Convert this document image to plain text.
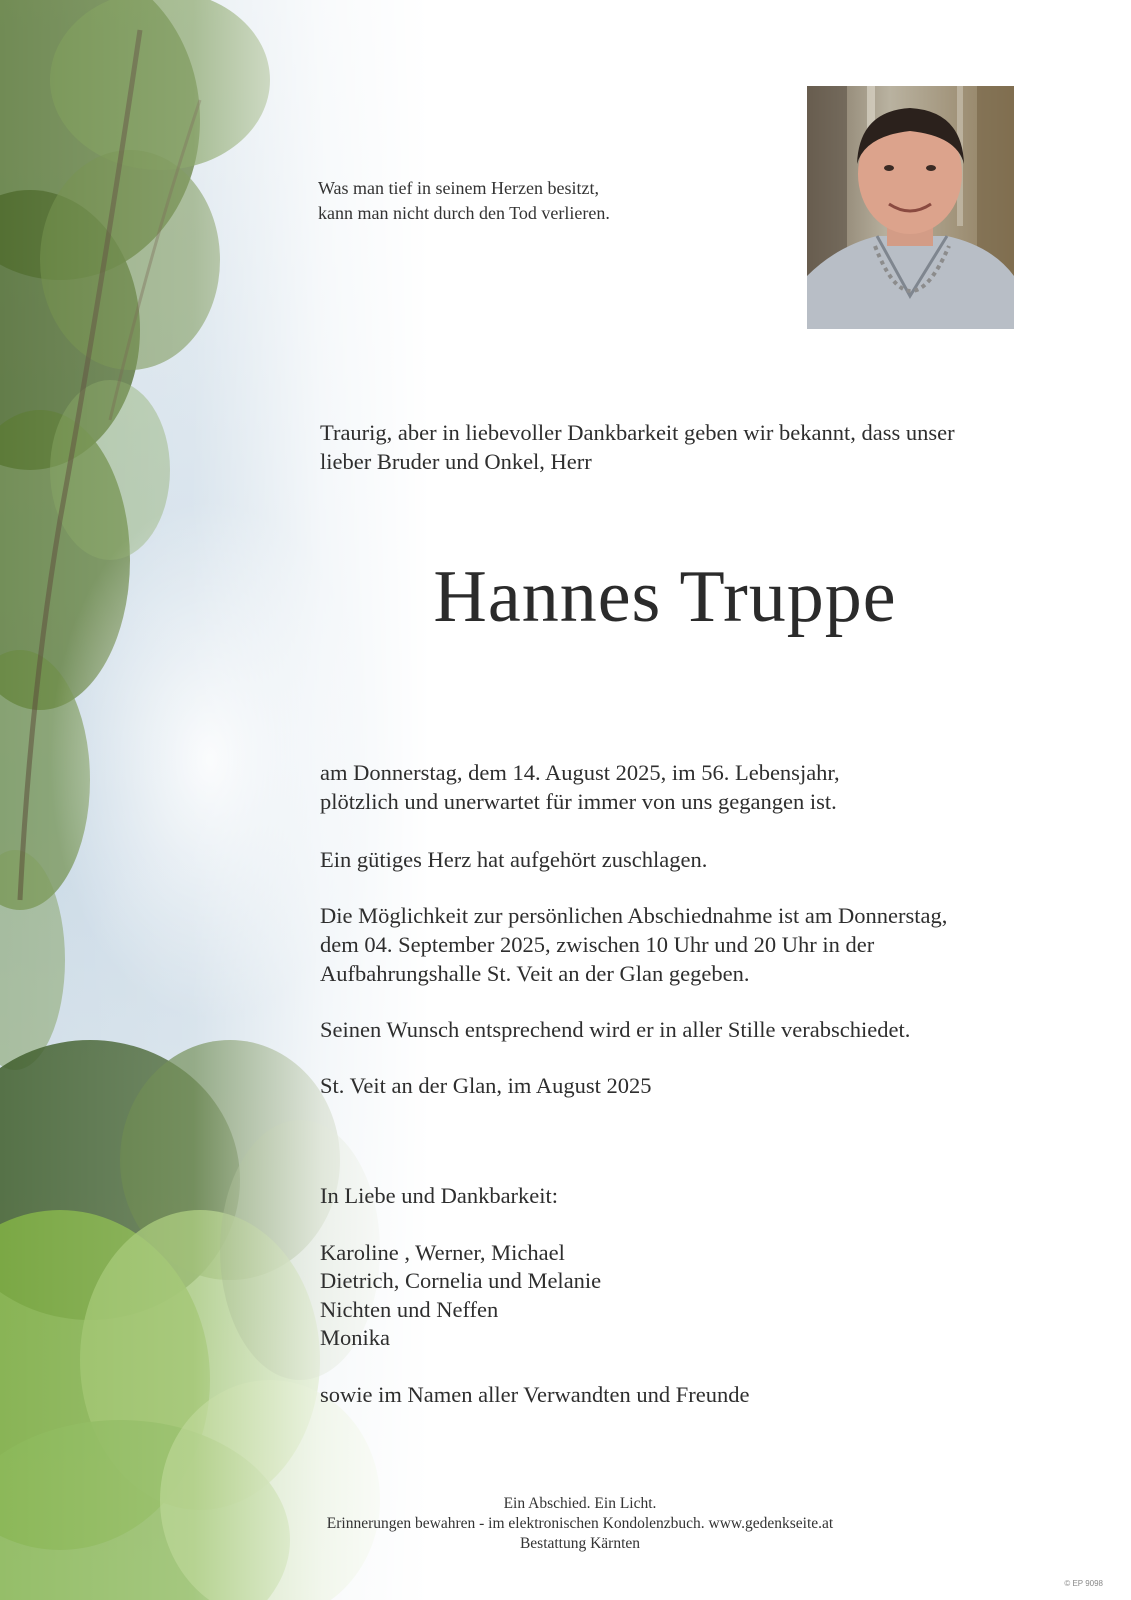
Was man tief in seinem Herzen besitzt,
kann man nicht durch den Tod verlieren.

Traurig, aber in liebevoller Dankbarkeit geben wir bekannt, dass unser
lieber Bruder und Onkel, Herr

Hannes Truppe

am Donnerstag, dem 14. August 2025, im 56. Lebensjahr,
plötzlich und unerwartet für immer von uns gegangen ist.

Ein gütiges Herz hat aufgehört zuschlagen.

Die Möglichkeit zur persönlichen Abschiednahme ist am Donnerstag,
dem 04. September 2025, zwischen 10 Uhr und 20 Uhr in der
Aufbahrungshalle St. Veit an der Glan gegeben.

Seinen Wunsch entsprechend wird er in aller Stille verabschiedet.

St. Veit an der Glan, im August 2025

In Liebe und Dankbarkeit:
Karoline , Werner, Michael
Dietrich, Cornelia und Melanie
Nichten und Neffen
Monika
sowie im Namen aller Verwandten und Freunde
Ein Abschied. Ein Licht.
Erinnerungen bewahren - im elektronischen Kondolenzbuch. www.gedenkseite.at
Bestattung Kärnten
© EP 9098
